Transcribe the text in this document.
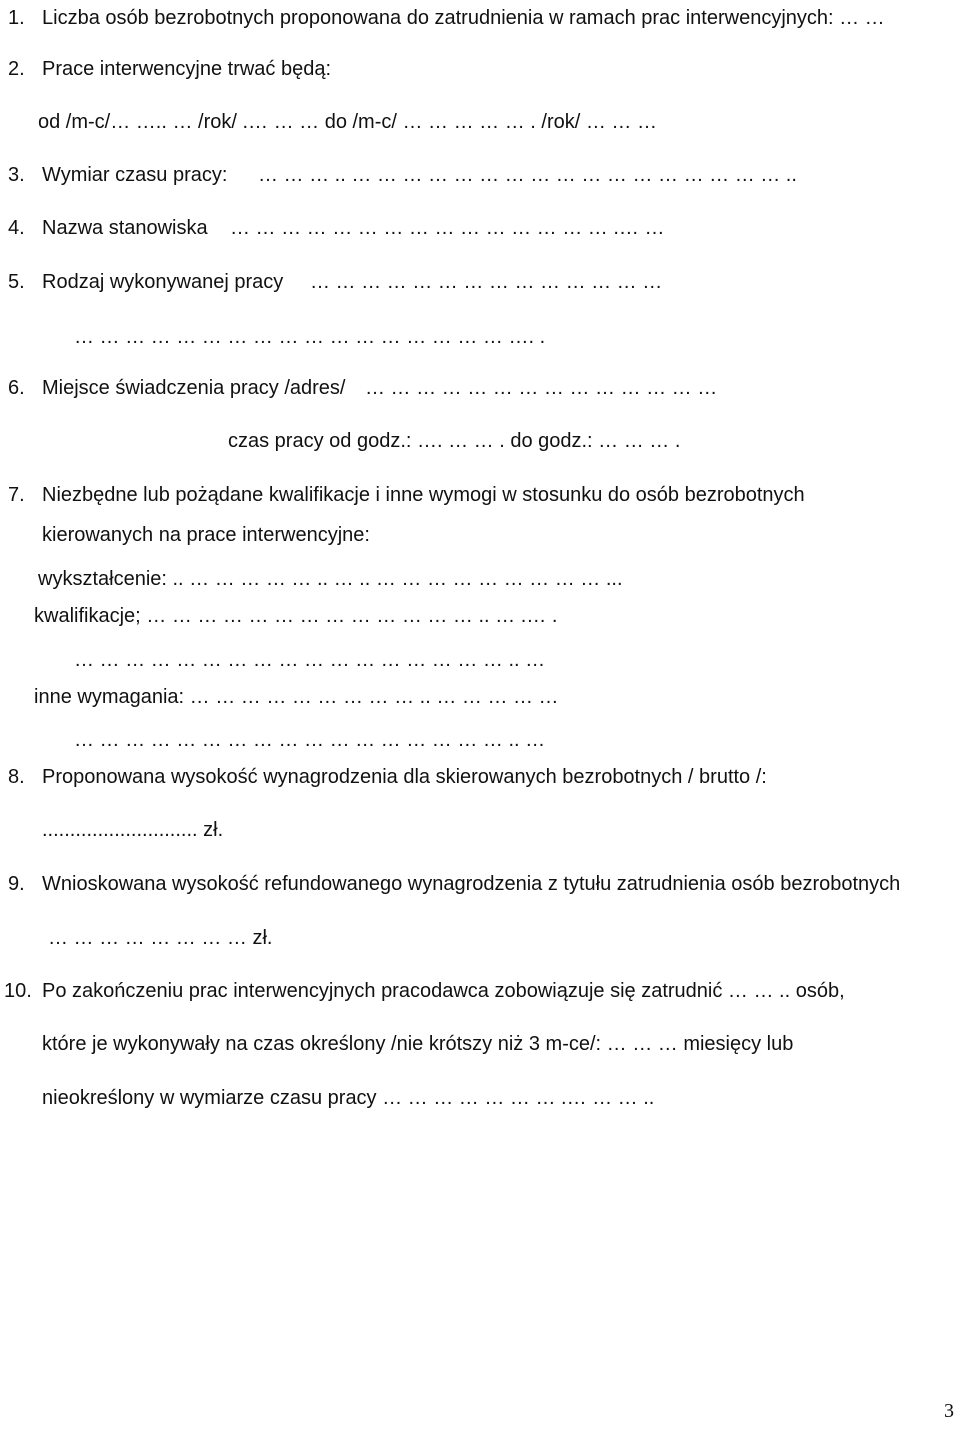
1. Liczba osób bezrobotnych proponowana do zatrudnienia w ramach prac interwencyjnych: … …
2. Prace interwencyjne trwać będą:
od /m-c/… ….. … /rok/ .… … … do /m-c/ … … … … … . /rok/ … … …
3. Wymiar czasu pracy: … … … .. … … … … … … … … … … … … … … … … … ..
4. Nazwa stanowiska … … … … … … … … … … … … … … … .… …
5. Rodzaj wykonywanej pracy … … … … … … … … … … … … … …
… … … … … … … … … … … … … … … … … …. .
6. Miejsce świadczenia pracy /adres/ … … … … … … … … … … … … … …
czas pracy od godz.: …. … … . do godz.: … … … .
7. Niezbędne lub pożądane kwalifikacje i inne wymogi w stosunku do osób bezrobotnych
kierowanych na prace interwencyjne:
wykształcenie: .. … … … … … .. … .. … … … … … … … … … ...
kwalifikacje; … … … … … … … … … … … … … .. … .… .
… … … … … … … … … … … … … … … … … .. …
inne wymagania: … … … … … … … … … .. … … … … …
… … … … … … … … … … … … … … … … … .. …
8. Proponowana wysokość wynagrodzenia dla skierowanych bezrobotnych / brutto /:
............................ zł.
9. Wnioskowana wysokość refundowanego wynagrodzenia z tytułu zatrudnienia osób bezrobotnych
… … … … … … … … zł.
10. Po zakończeniu prac interwencyjnych pracodawca zobowiązuje się zatrudnić … … .. osób,
które je wykonywały na czas określony /nie krótszy niż 3 m-ce/: … … … miesięcy lub
nieokreślony w wymiarze czasu pracy … … … … … … … .… … … ..
3
